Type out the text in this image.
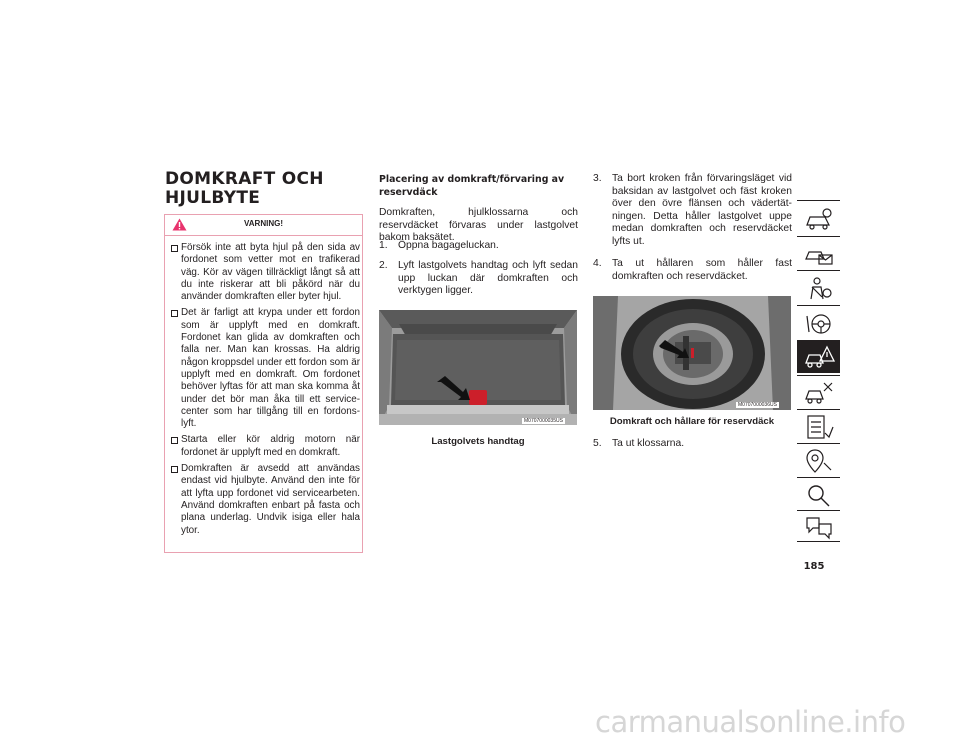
DOMKRAFT OCH HJULBYTE
VARNING!
Försök inte att byta hjul på den sida av fordonet som vetter mot en trafikerad väg. Kör av vägen tillräckligt långt så att du inte riskerar att bli påkörd när du använder domkraften eller byter hjul.
Det är farligt att krypa under ett fordon som är upplyft med en domkraft. Fordonet kan glida av domkraften och falla ner. Man kan krossas. Ha aldrig någon kroppsdel under ett fordon som är upplyft med en domkraft. Om fordonet behöver lyftas för att man ska komma åt under det bör man åka till ett service-center som har tillgång till en fordons-lyft.
Starta eller kör aldrig motorn när fordonet är upplyft med en domkraft.
Domkraften är avsedd att användas endast vid hjulbyte. Använd den inte för att lyfta upp fordonet vid servicearbeten. Använd domkraften enbart på fasta och plana underlag. Undvik isiga eller hala ytor.
Placering av domkraft/förvaring av reservdäck
Domkraften, hjulklossarna och reservdäcket förvaras under lastgolvet bakom baksätet.
1. Öppna bagageluckan.
2. Lyft lastgolvets handtag och lyft sedan upp luckan där domkraften och verktygen ligger.
M0707000035US
Lastgolvets handtag
3. Ta bort kroken från förvaringsläget vid baksidan av lastgolvet och fäst kroken över den övre flänsen och vädertät-ningen. Detta håller lastgolvet uppe medan domkraften och reservdäcket lyfts ut.
4. Ta ut hållaren som håller fast domkraften och reservdäcket.
M0707000036US
Domkraft och hållare för reservdäck
5. Ta ut klossarna.
185
carmanualsonline.info
